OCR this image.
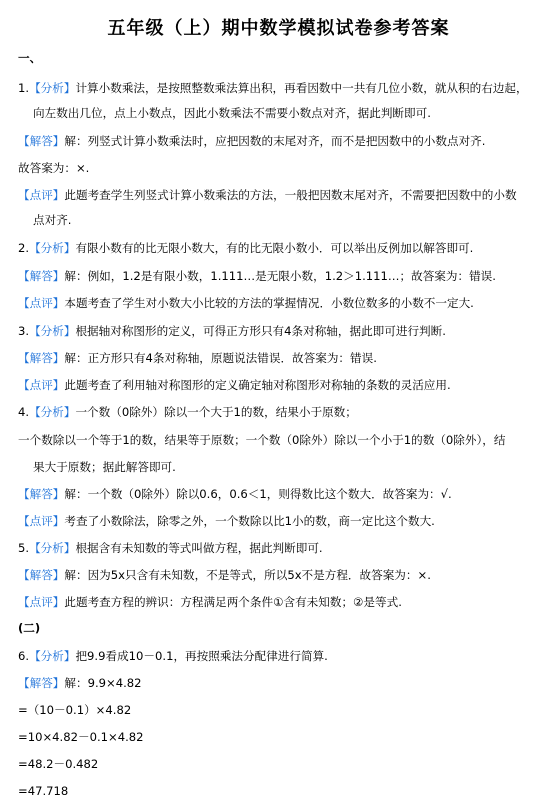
五年级（上）期中数学模拟试卷参考答案
一、
1.【分析】计算小数乘法，是按照整数乘法算出积，再看因数中一共有几位小数，就从积的右边起，
向左数出几位，点上小数点，因此小数乘法不需要小数点对齐，据此判断即可.
【解答】解：列竖式计算小数乘法时，应把因数的末尾对齐，而不是把因数中的小数点对齐.
故答案为：×.
【点评】此题考查学生列竖式计算小数乘法的方法，一般把因数末尾对齐，不需要把因数中的小数
点对齐.
2.【分析】有限小数有的比无限小数大，有的比无限小数小．可以举出反例加以解答即可.
【解答】解：例如，1.2是有限小数，1.111…是无限小数，1.2＞1.111…；故答案为：错误.
【点评】本题考查了学生对小数大小比较的方法的掌握情况．小数位数多的小数不一定大.
3.【分析】根据轴对称图形的定义，可得正方形只有4条对称轴，据此即可进行判断.
【解答】解：正方形只有4条对称轴，原题说法错误．故答案为：错误.
【点评】此题考查了利用轴对称图形的定义确定轴对称图形对称轴的条数的灵活应用.
4.【分析】一个数（0除外）除以一个大于1的数，结果小于原数；
一个数除以一个等于1的数，结果等于原数；一个数（0除外）除以一个小于1的数（0除外），结
果大于原数；据此解答即可.
【解答】解：一个数（0除外）除以0.6，0.6＜1，则得数比这个数大．故答案为：√.
【点评】考查了小数除法，除零之外，一个数除以比1小的数，商一定比这个数大.
5.【分析】根据含有未知数的等式叫做方程，据此判断即可.
【解答】解：因为5x只含有未知数，不是等式，所以5x不是方程．故答案为：×.
【点评】此题考查方程的辨识：方程满足两个条件①含有未知数；②是等式.
(二)
6.【分析】把9.9看成10－0.1，再按照乘法分配律进行简算.
【解答】解：9.9×4.82
=（10－0.1）×4.82
=10×4.82－0.1×4.82
=48.2－0.482
=47.718
